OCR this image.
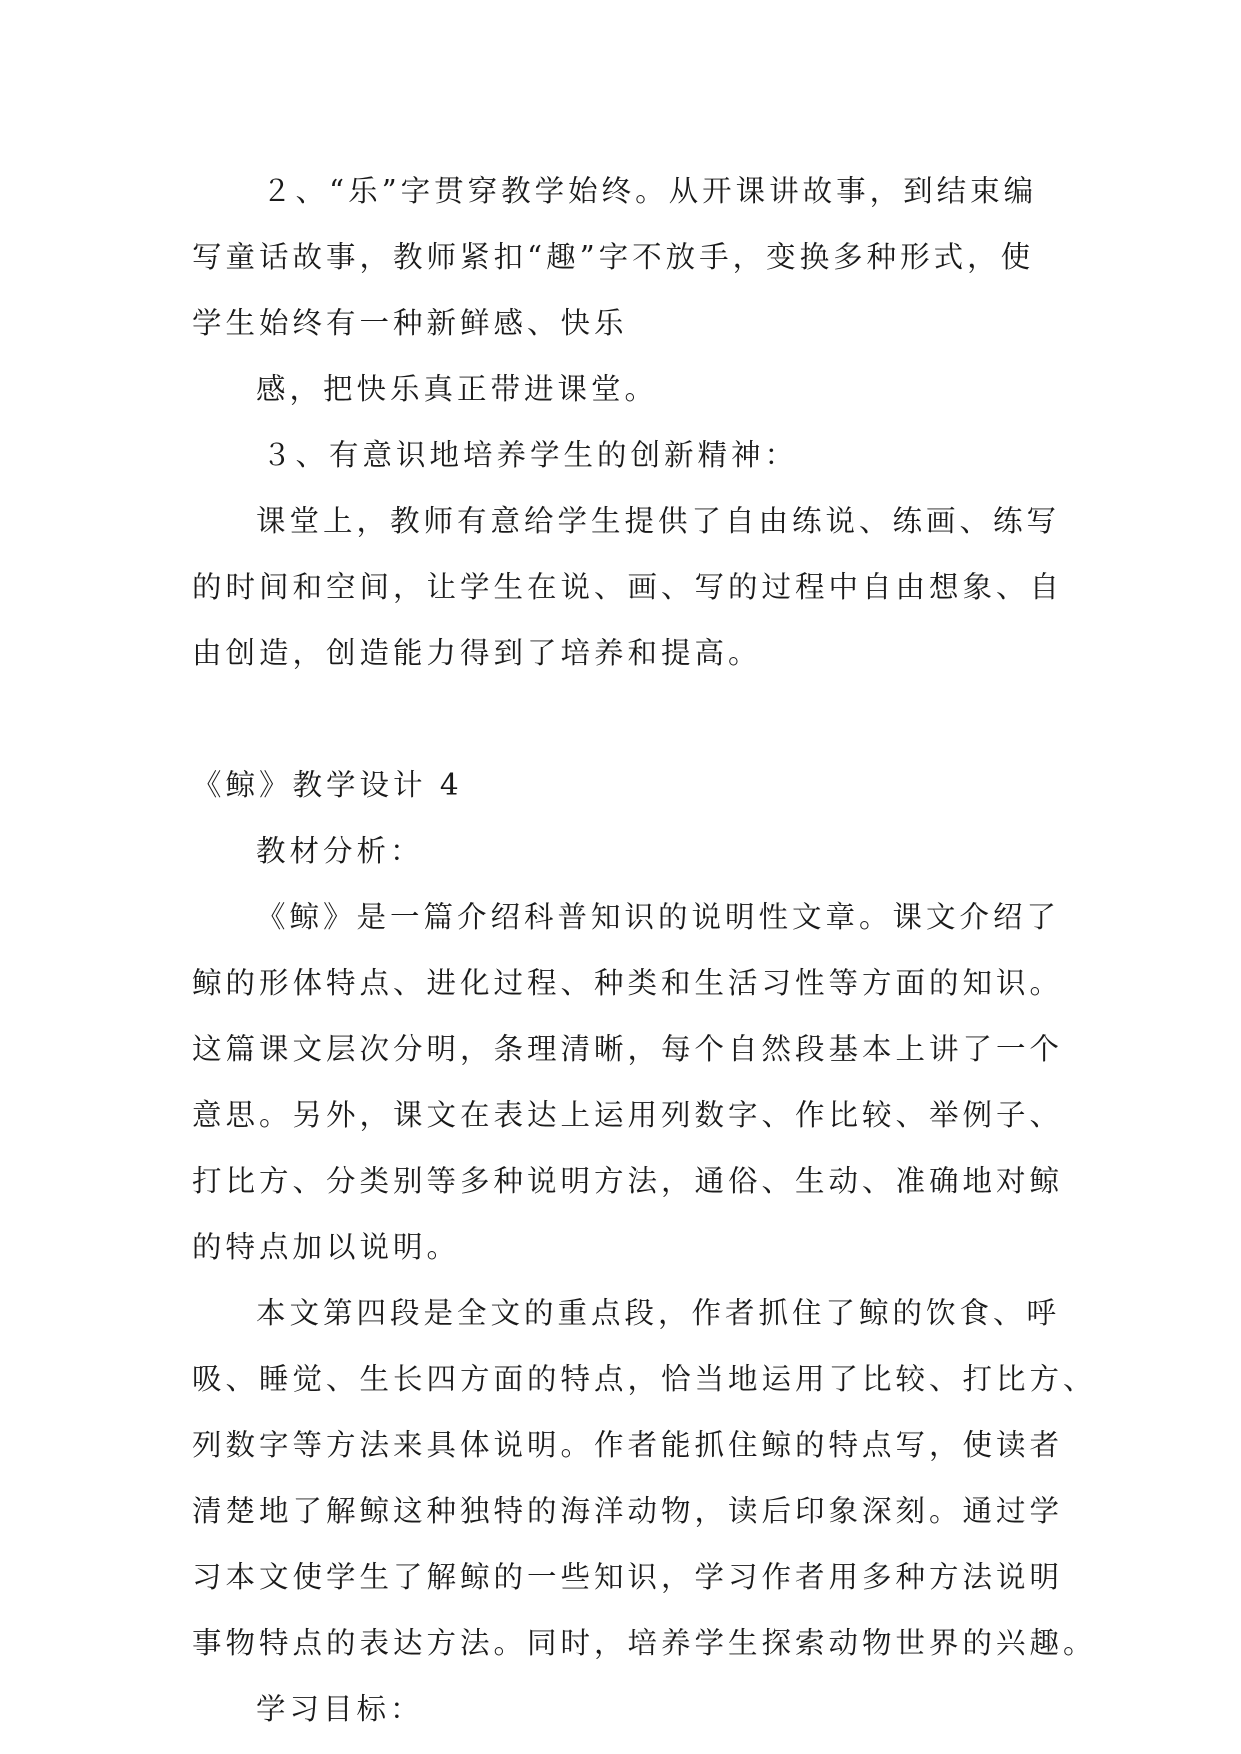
２、“乐”字贯穿教学始终。从开课讲故事，到结束编

写童话故事，教师紧扣“趣”字不放手，变换多种形式，使

学生始终有一种新鲜感、快乐

感，把快乐真正带进课堂。

３、有意识地培养学生的创新精神：

课堂上，教师有意给学生提供了自由练说、练画、练写

的时间和空间，让学生在说、画、写的过程中自由想象、自

由创造，创造能力得到了培养和提高。

《鲸》教学设计 4

教材分析：

《鲸》是一篇介绍科普知识的说明性文章。课文介绍了

鲸的形体特点、进化过程、种类和生活习性等方面的知识。

这篇课文层次分明，条理清晰，每个自然段基本上讲了一个

意思。另外，课文在表达上运用列数字、作比较、举例子、

打比方、分类别等多种说明方法，通俗、生动、准确地对鲸

的特点加以说明。

本文第四段是全文的重点段，作者抓住了鲸的饮食、呼

吸、睡觉、生长四方面的特点，恰当地运用了比较、打比方、

列数字等方法来具体说明。作者能抓住鲸的特点写，使读者

清楚地了解鲸这种独特的海洋动物，读后印象深刻。通过学

习本文使学生了解鲸的一些知识，学习作者用多种方法说明

事物特点的表达方法。同时，培养学生探索动物世界的兴趣。

学习目标：
